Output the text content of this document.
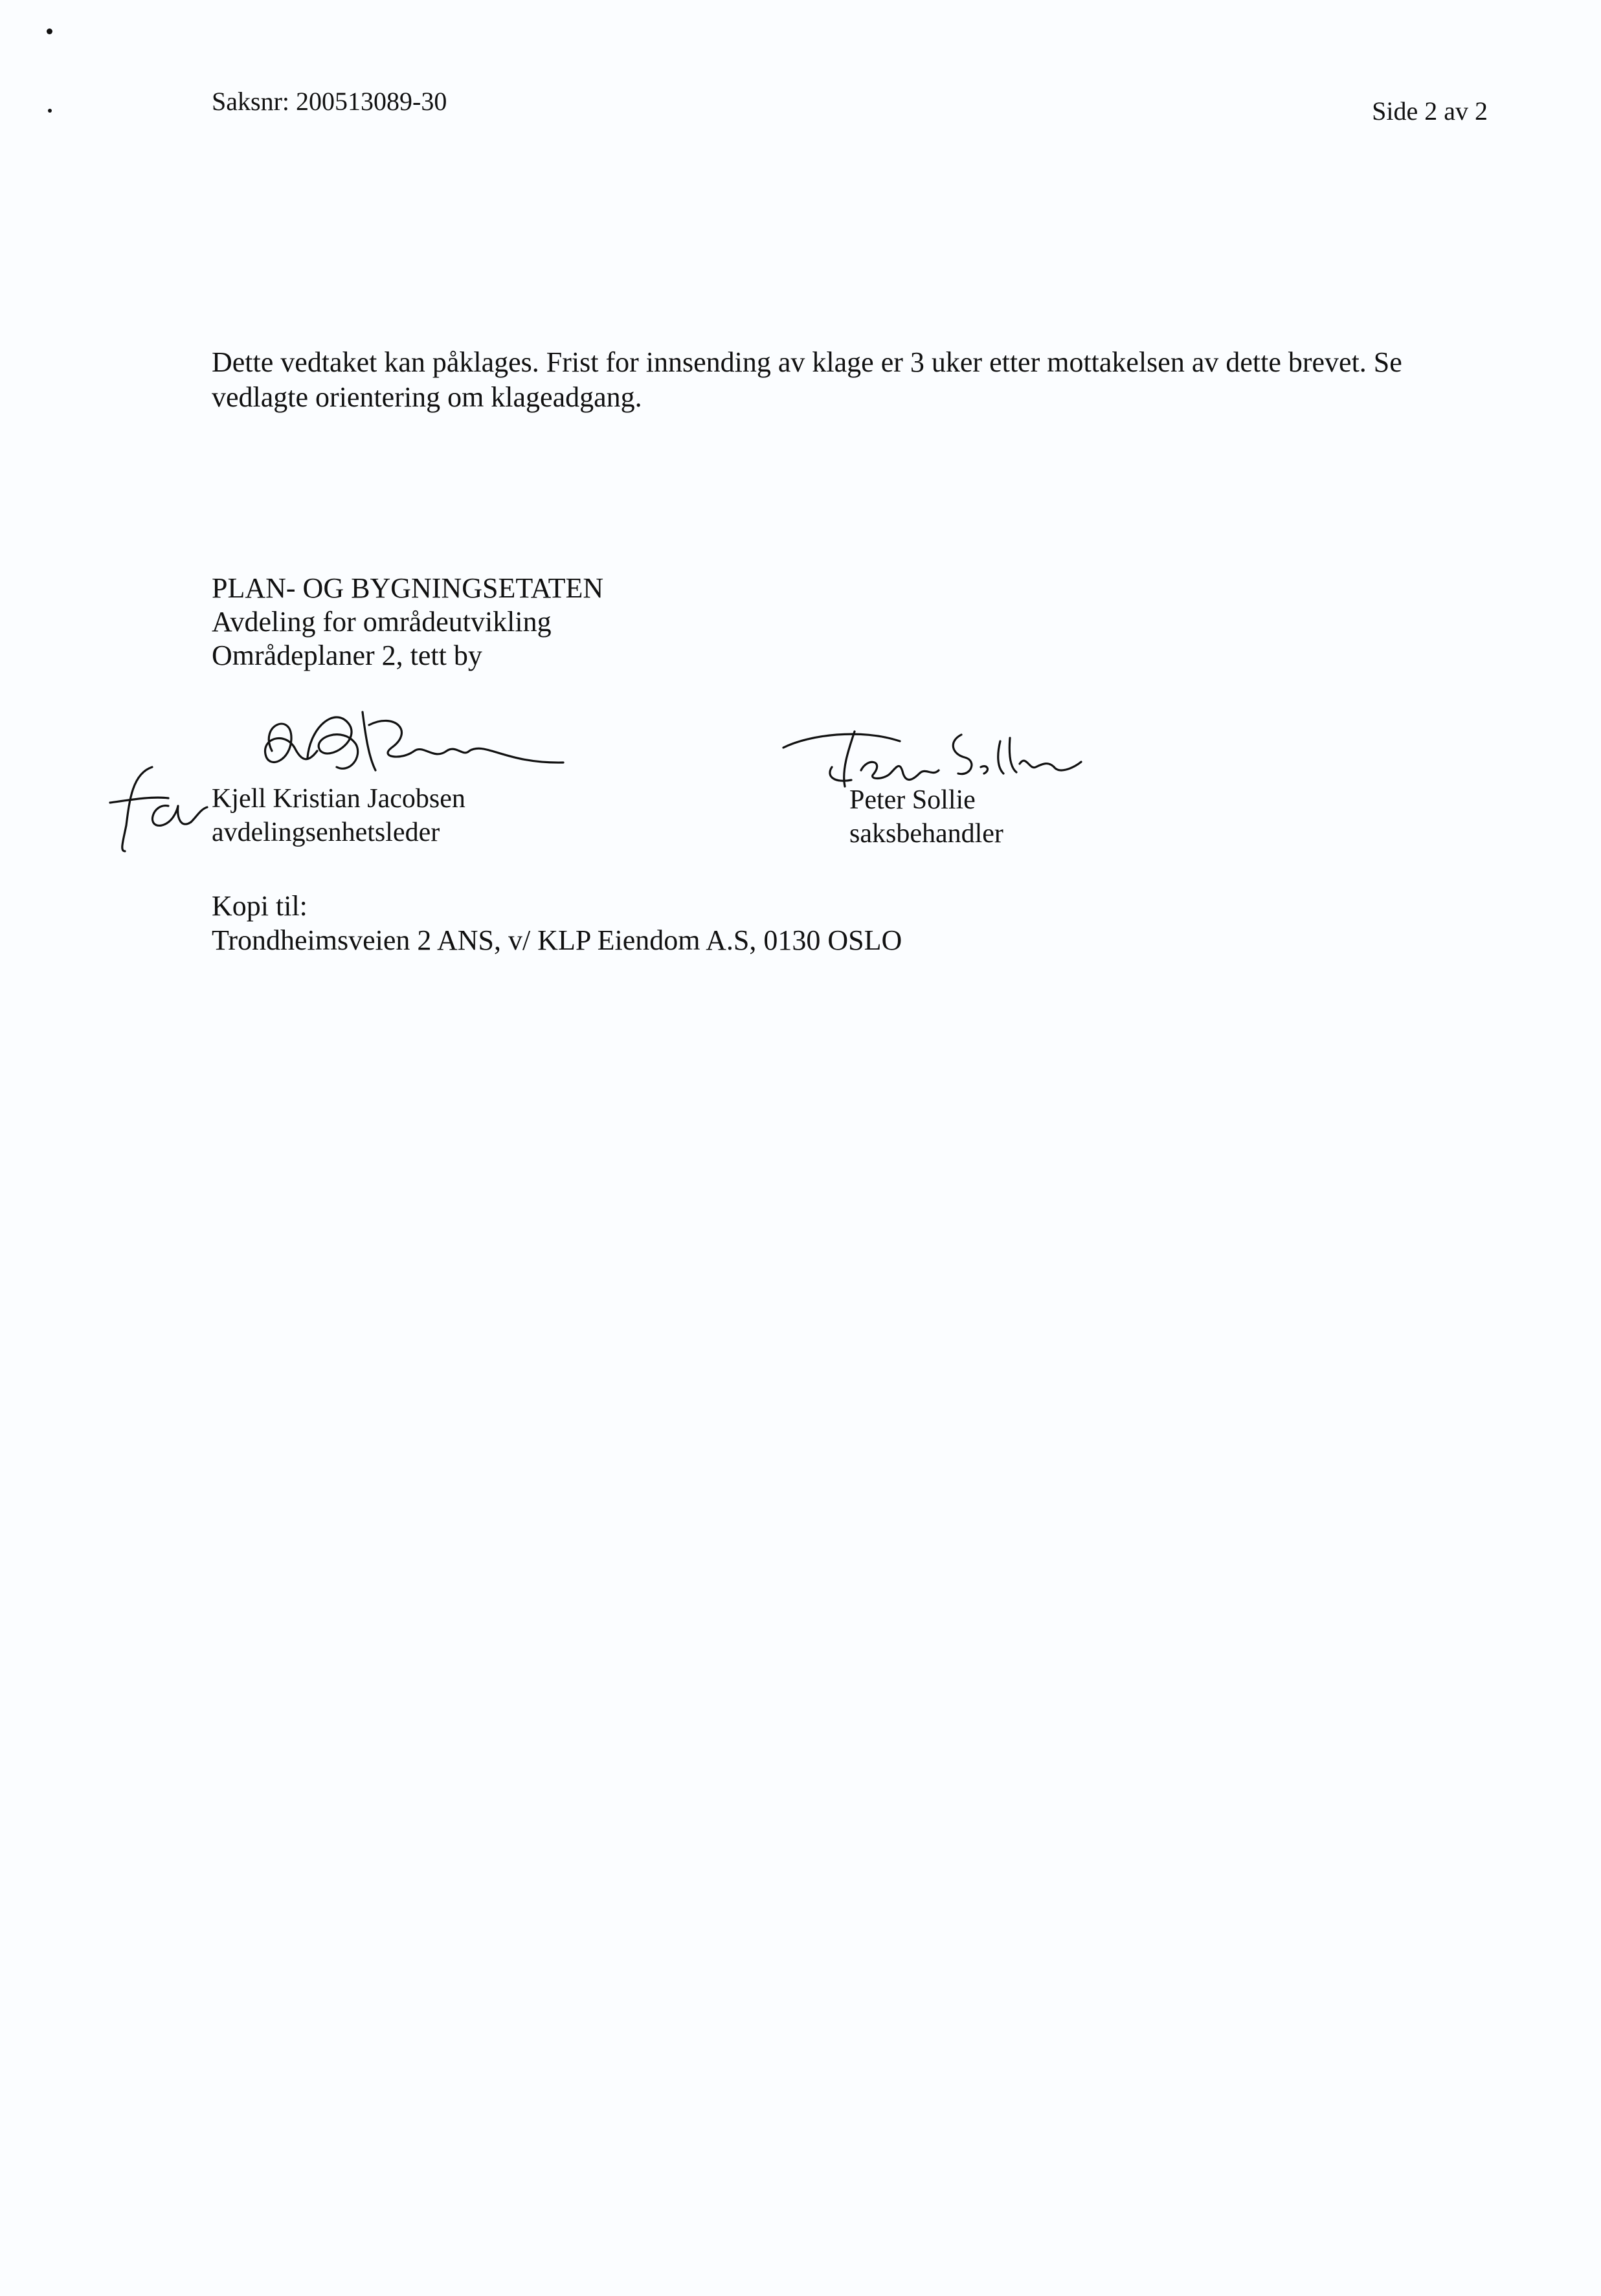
Saksnr: 200513089-30	Side 2 av 2
Dette vedtaket kan påklages. Frist for innsending av klage er 3 uker etter mottakelsen av dette brevet. Se vedlagte orientering om klageadgang.
PLAN- OG BYGNINGSETATEN
Avdeling for områdeutvikling
Områdeplaner 2, tett by
Kjell Kristian Jacobsen
avdelingsenhetsleder
Peter Sollie
saksbehandler
Kopi til:
Trondheimsveien 2 ANS, v/ KLP Eiendom A.S, 0130 OSLO
